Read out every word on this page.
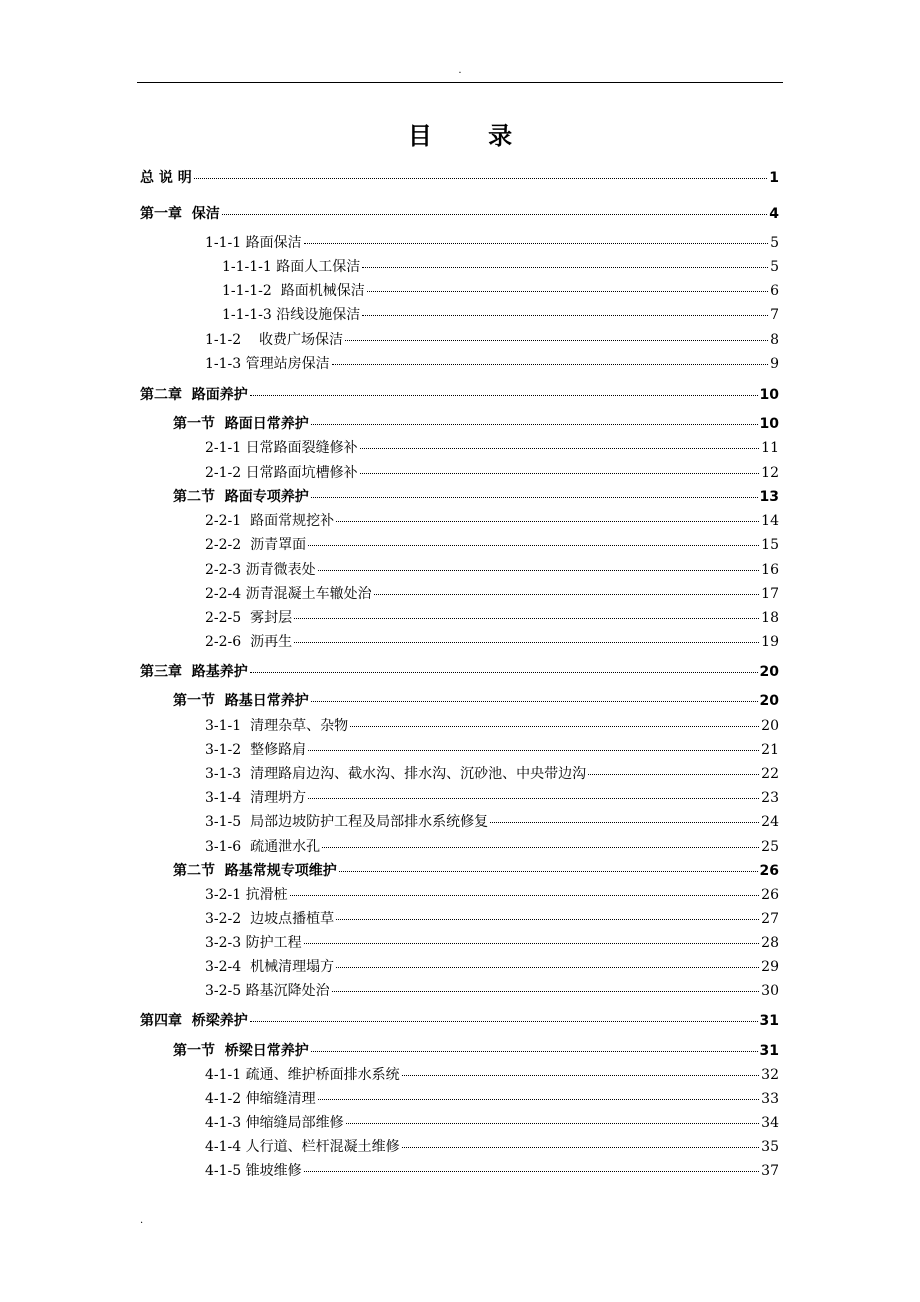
.
目 录
总 说 明	1
第一章  保洁	4
1-1-1 路面保洁	5
1-1-1-1 路面人工保洁	5
1-1-1-2  路面机械保洁	6
1-1-1-3 沿线设施保洁	7
1-1-2    收费广场保洁	8
1-1-3 管理站房保洁	9
第二章  路面养护	10
第一节  路面日常养护	10
2-1-1 日常路面裂缝修补	11
2-1-2 日常路面坑槽修补	12
第二节  路面专项养护	13
2-2-1  路面常规挖补	14
2-2-2  沥青罩面	15
2-2-3 沥青微表处	16
2-2-4 沥青混凝土车辙处治	17
2-2-5  雾封层	18
2-2-6  沥再生	19
第三章  路基养护	20
第一节  路基日常养护	20
3-1-1  清理杂草、杂物	20
3-1-2  整修路肩	21
3-1-3  清理路肩边沟、截水沟、排水沟、沉砂池、中央带边沟	22
3-1-4  清理坍方	23
3-1-5  局部边坡防护工程及局部排水系统修复	24
3-1-6  疏通泄水孔	25
第二节  路基常规专项维护	26
3-2-1 抗滑桩	26
3-2-2  边坡点播植草	27
3-2-3 防护工程	28
3-2-4  机械清理塌方	29
3-2-5 路基沉降处治	30
第四章  桥梁养护	31
第一节  桥梁日常养护	31
4-1-1 疏通、维护桥面排水系统	32
4-1-2 伸缩缝清理	33
4-1-3 伸缩缝局部维修	34
4-1-4 人行道、栏杆混凝土维修	35
4-1-5 锥坡维修	37
.
